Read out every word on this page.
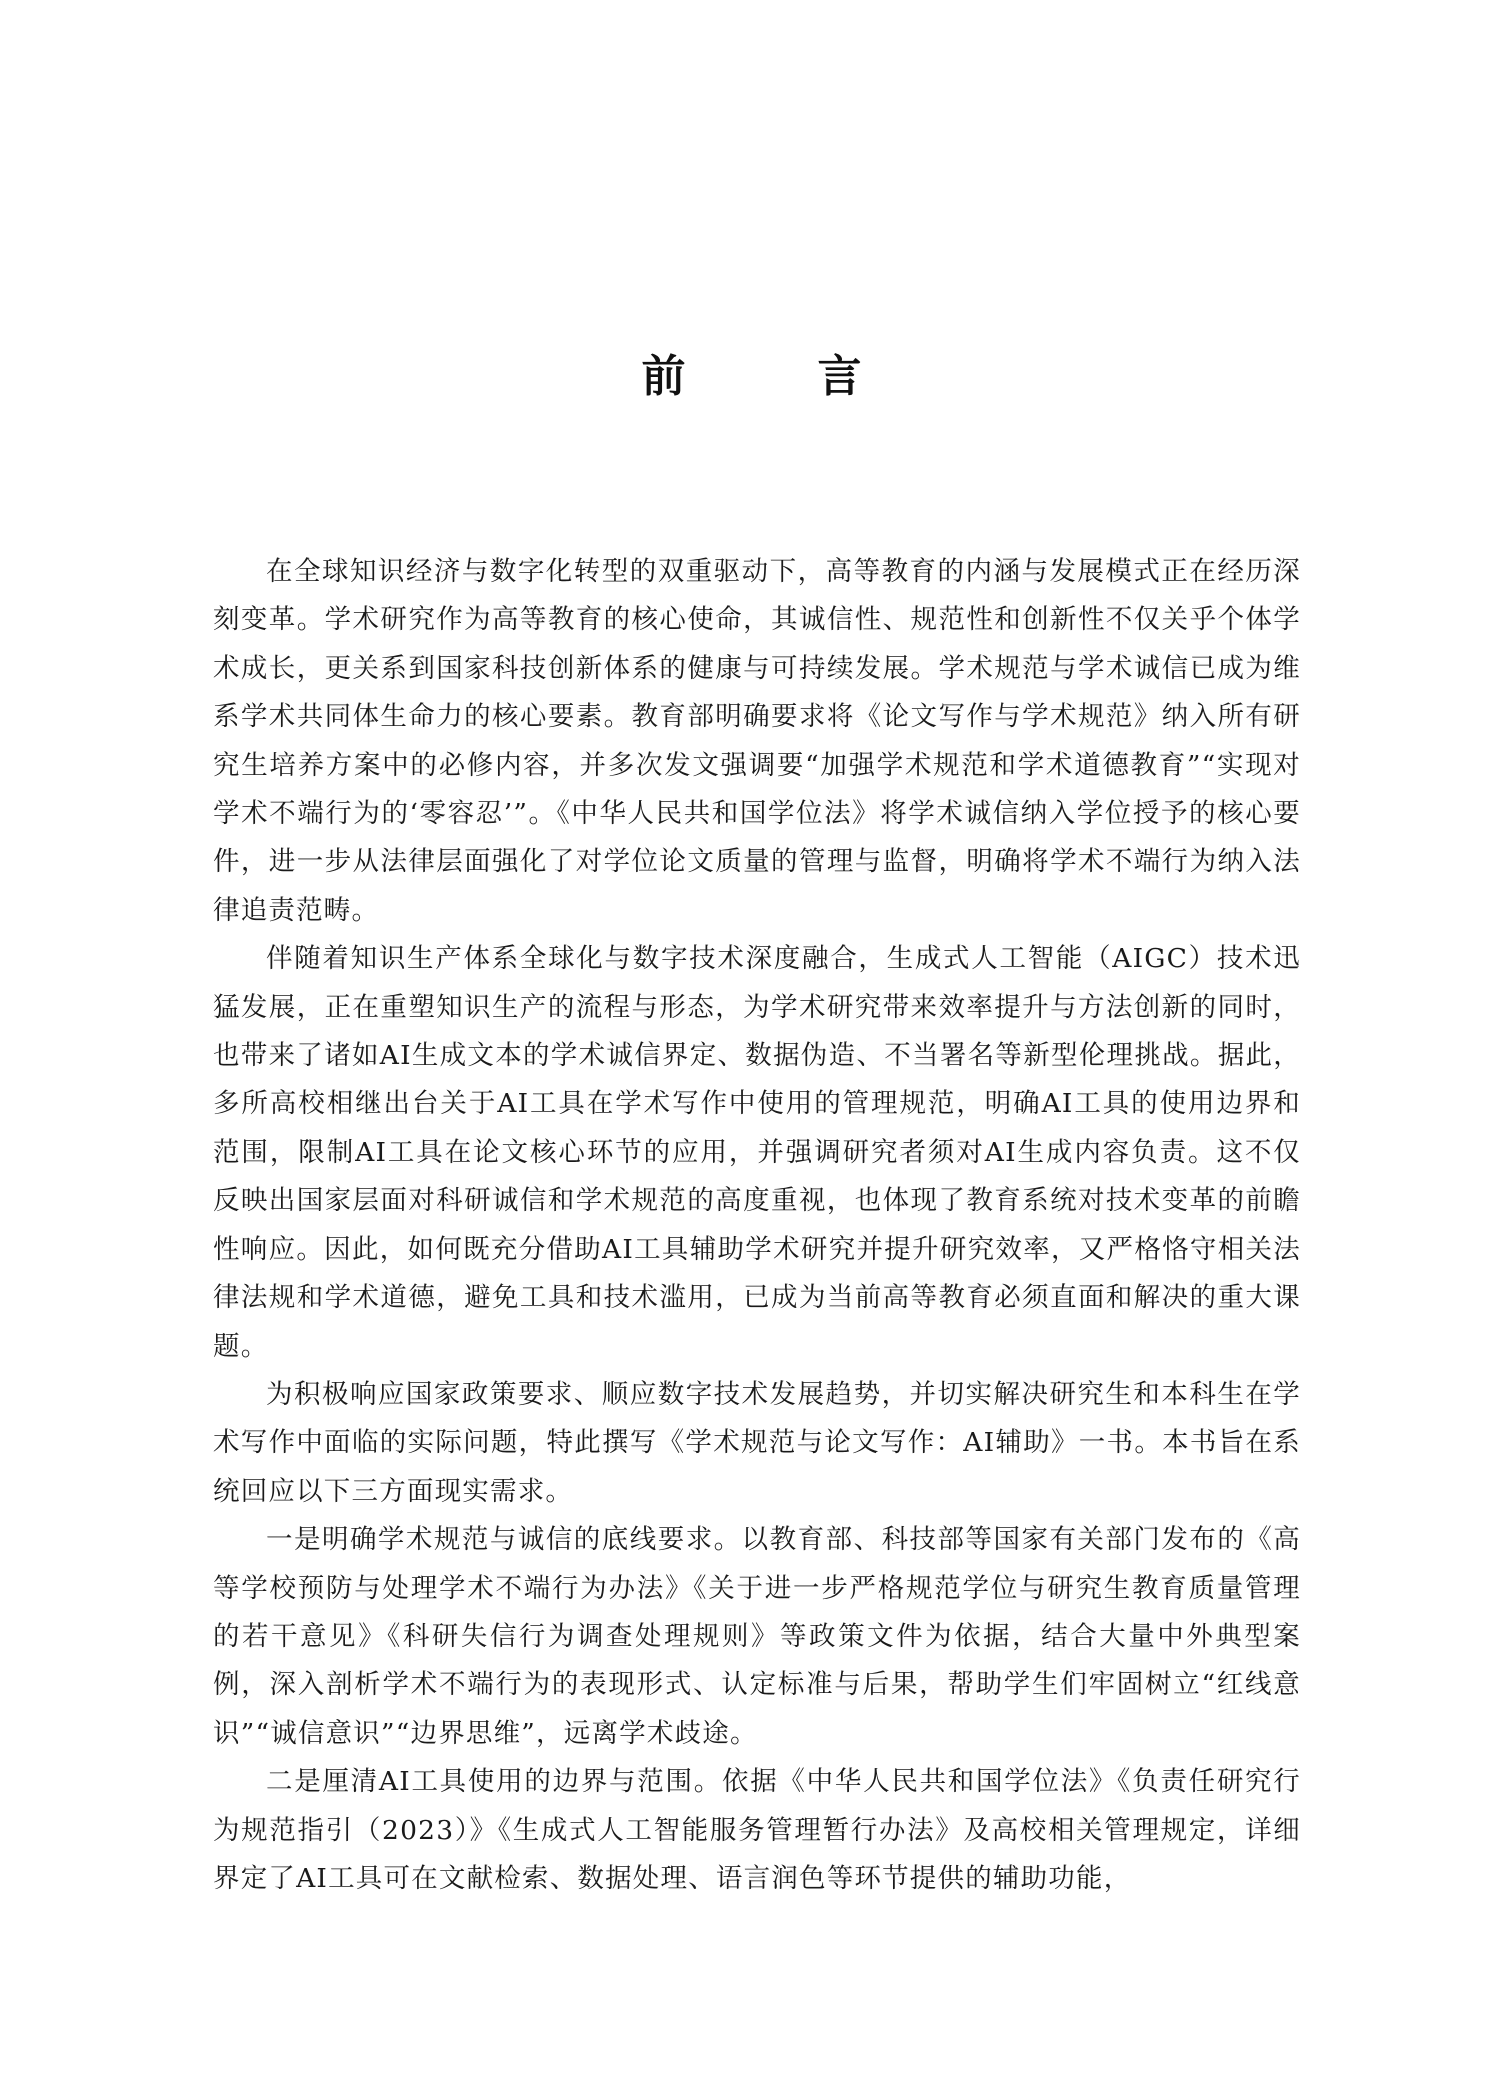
前　言

在全球知识经济与数字化转型的双重驱动下，高等教育的内涵与发展模式正在经历深刻变革。学术研究作为高等教育的核心使命，其诚信性、规范性和创新性不仅关乎个体学术成长，更关系到国家科技创新体系的健康与可持续发展。学术规范与学术诚信已成为维系学术共同体生命力的核心要素。教育部明确要求将《论文写作与学术规范》纳入所有研究生培养方案中的必修内容，并多次发文强调要“加强学术规范和学术道德教育”“实现对学术不端行为的‘零容忍’”。《中华人民共和国学位法》将学术诚信纳入学位授予的核心要件，进一步从法律层面强化了对学位论文质量的管理与监督，明确将学术不端行为纳入法律追责范畴。

伴随着知识生产体系全球化与数字技术深度融合，生成式人工智能（AIGC）技术迅猛发展，正在重塑知识生产的流程与形态，为学术研究带来效率提升与方法创新的同时，也带来了诸如AI生成文本的学术诚信界定、数据伪造、不当署名等新型伦理挑战。据此，多所高校相继出台关于AI工具在学术写作中使用的管理规范，明确AI工具的使用边界和范围，限制AI工具在论文核心环节的应用，并强调研究者须对AI生成内容负责。这不仅反映出国家层面对科研诚信和学术规范的高度重视，也体现了教育系统对技术变革的前瞻性响应。因此，如何既充分借助AI工具辅助学术研究并提升研究效率，又严格恪守相关法律法规和学术道德，避免工具和技术滥用，已成为当前高等教育必须直面和解决的重大课题。

为积极响应国家政策要求、顺应数字技术发展趋势，并切实解决研究生和本科生在学术写作中面临的实际问题，特此撰写《学术规范与论文写作：AI辅助》一书。本书旨在系统回应以下三方面现实需求。

一是明确学术规范与诚信的底线要求。以教育部、科技部等国家有关部门发布的《高等学校预防与处理学术不端行为办法》《关于进一步严格规范学位与研究生教育质量管理的若干意见》《科研失信行为调查处理规则》等政策文件为依据，结合大量中外典型案例，深入剖析学术不端行为的表现形式、认定标准与后果，帮助学生们牢固树立“红线意识”“诚信意识”“边界思维”，远离学术歧途。

二是厘清AI工具使用的边界与范围。依据《中华人民共和国学位法》《负责任研究行为规范指引（2023）》《生成式人工智能服务管理暂行办法》及高校相关管理规定，详细界定了AI工具可在文献检索、数据处理、语言润色等环节提供的辅助功能，
